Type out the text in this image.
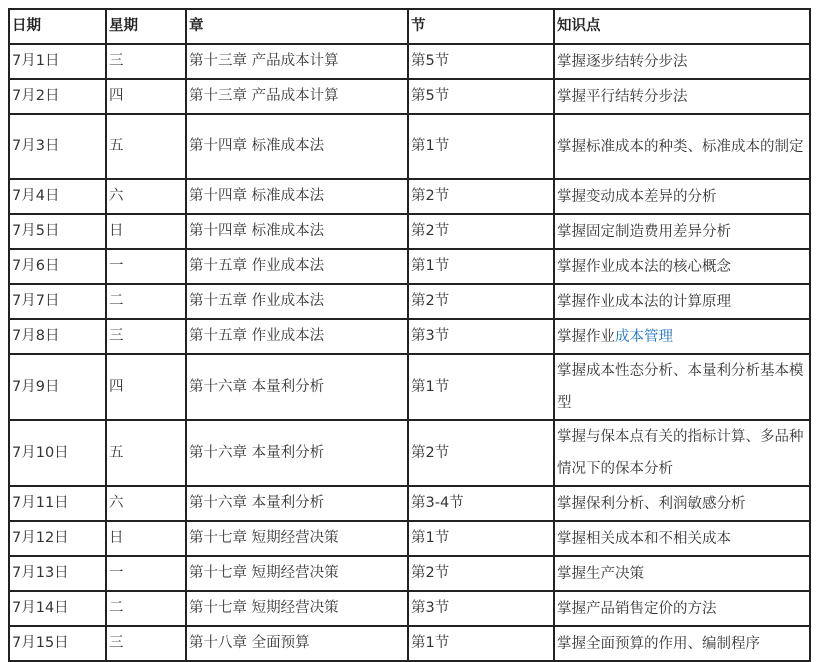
日期	星期	章	节	知识点
7月1日	三	第十三章 产品成本计算	第5节	掌握逐步结转分步法
7月2日	四	第十三章 产品成本计算	第5节	掌握平行结转分步法
7月3日	五	第十四章 标准成本法	第1节	掌握标准成本的种类、标准成本的制定
7月4日	六	第十四章 标准成本法	第2节	掌握变动成本差异的分析
7月5日	日	第十四章 标准成本法	第2节	掌握固定制造费用差异分析
7月6日	一	第十五章 作业成本法	第1节	掌握作业成本法的核心概念
7月7日	二	第十五章 作业成本法	第2节	掌握作业成本法的计算原理
7月8日	三	第十五章 作业成本法	第3节	掌握作业成本管理
7月9日	四	第十六章 本量利分析	第1节	掌握成本性态分析、本量利分析基本模型
7月10日	五	第十六章 本量利分析	第2节	掌握与保本点有关的指标计算、多品种情况下的保本分析
7月11日	六	第十六章 本量利分析	第3-4节	掌握保利分析、利润敏感分析
7月12日	日	第十七章 短期经营决策	第1节	掌握相关成本和不相关成本
7月13日	一	第十七章 短期经营决策	第2节	掌握生产决策
7月14日	二	第十七章 短期经营决策	第3节	掌握产品销售定价的方法
7月15日	三	第十八章 全面预算	第1节	掌握全面预算的作用、编制程序
